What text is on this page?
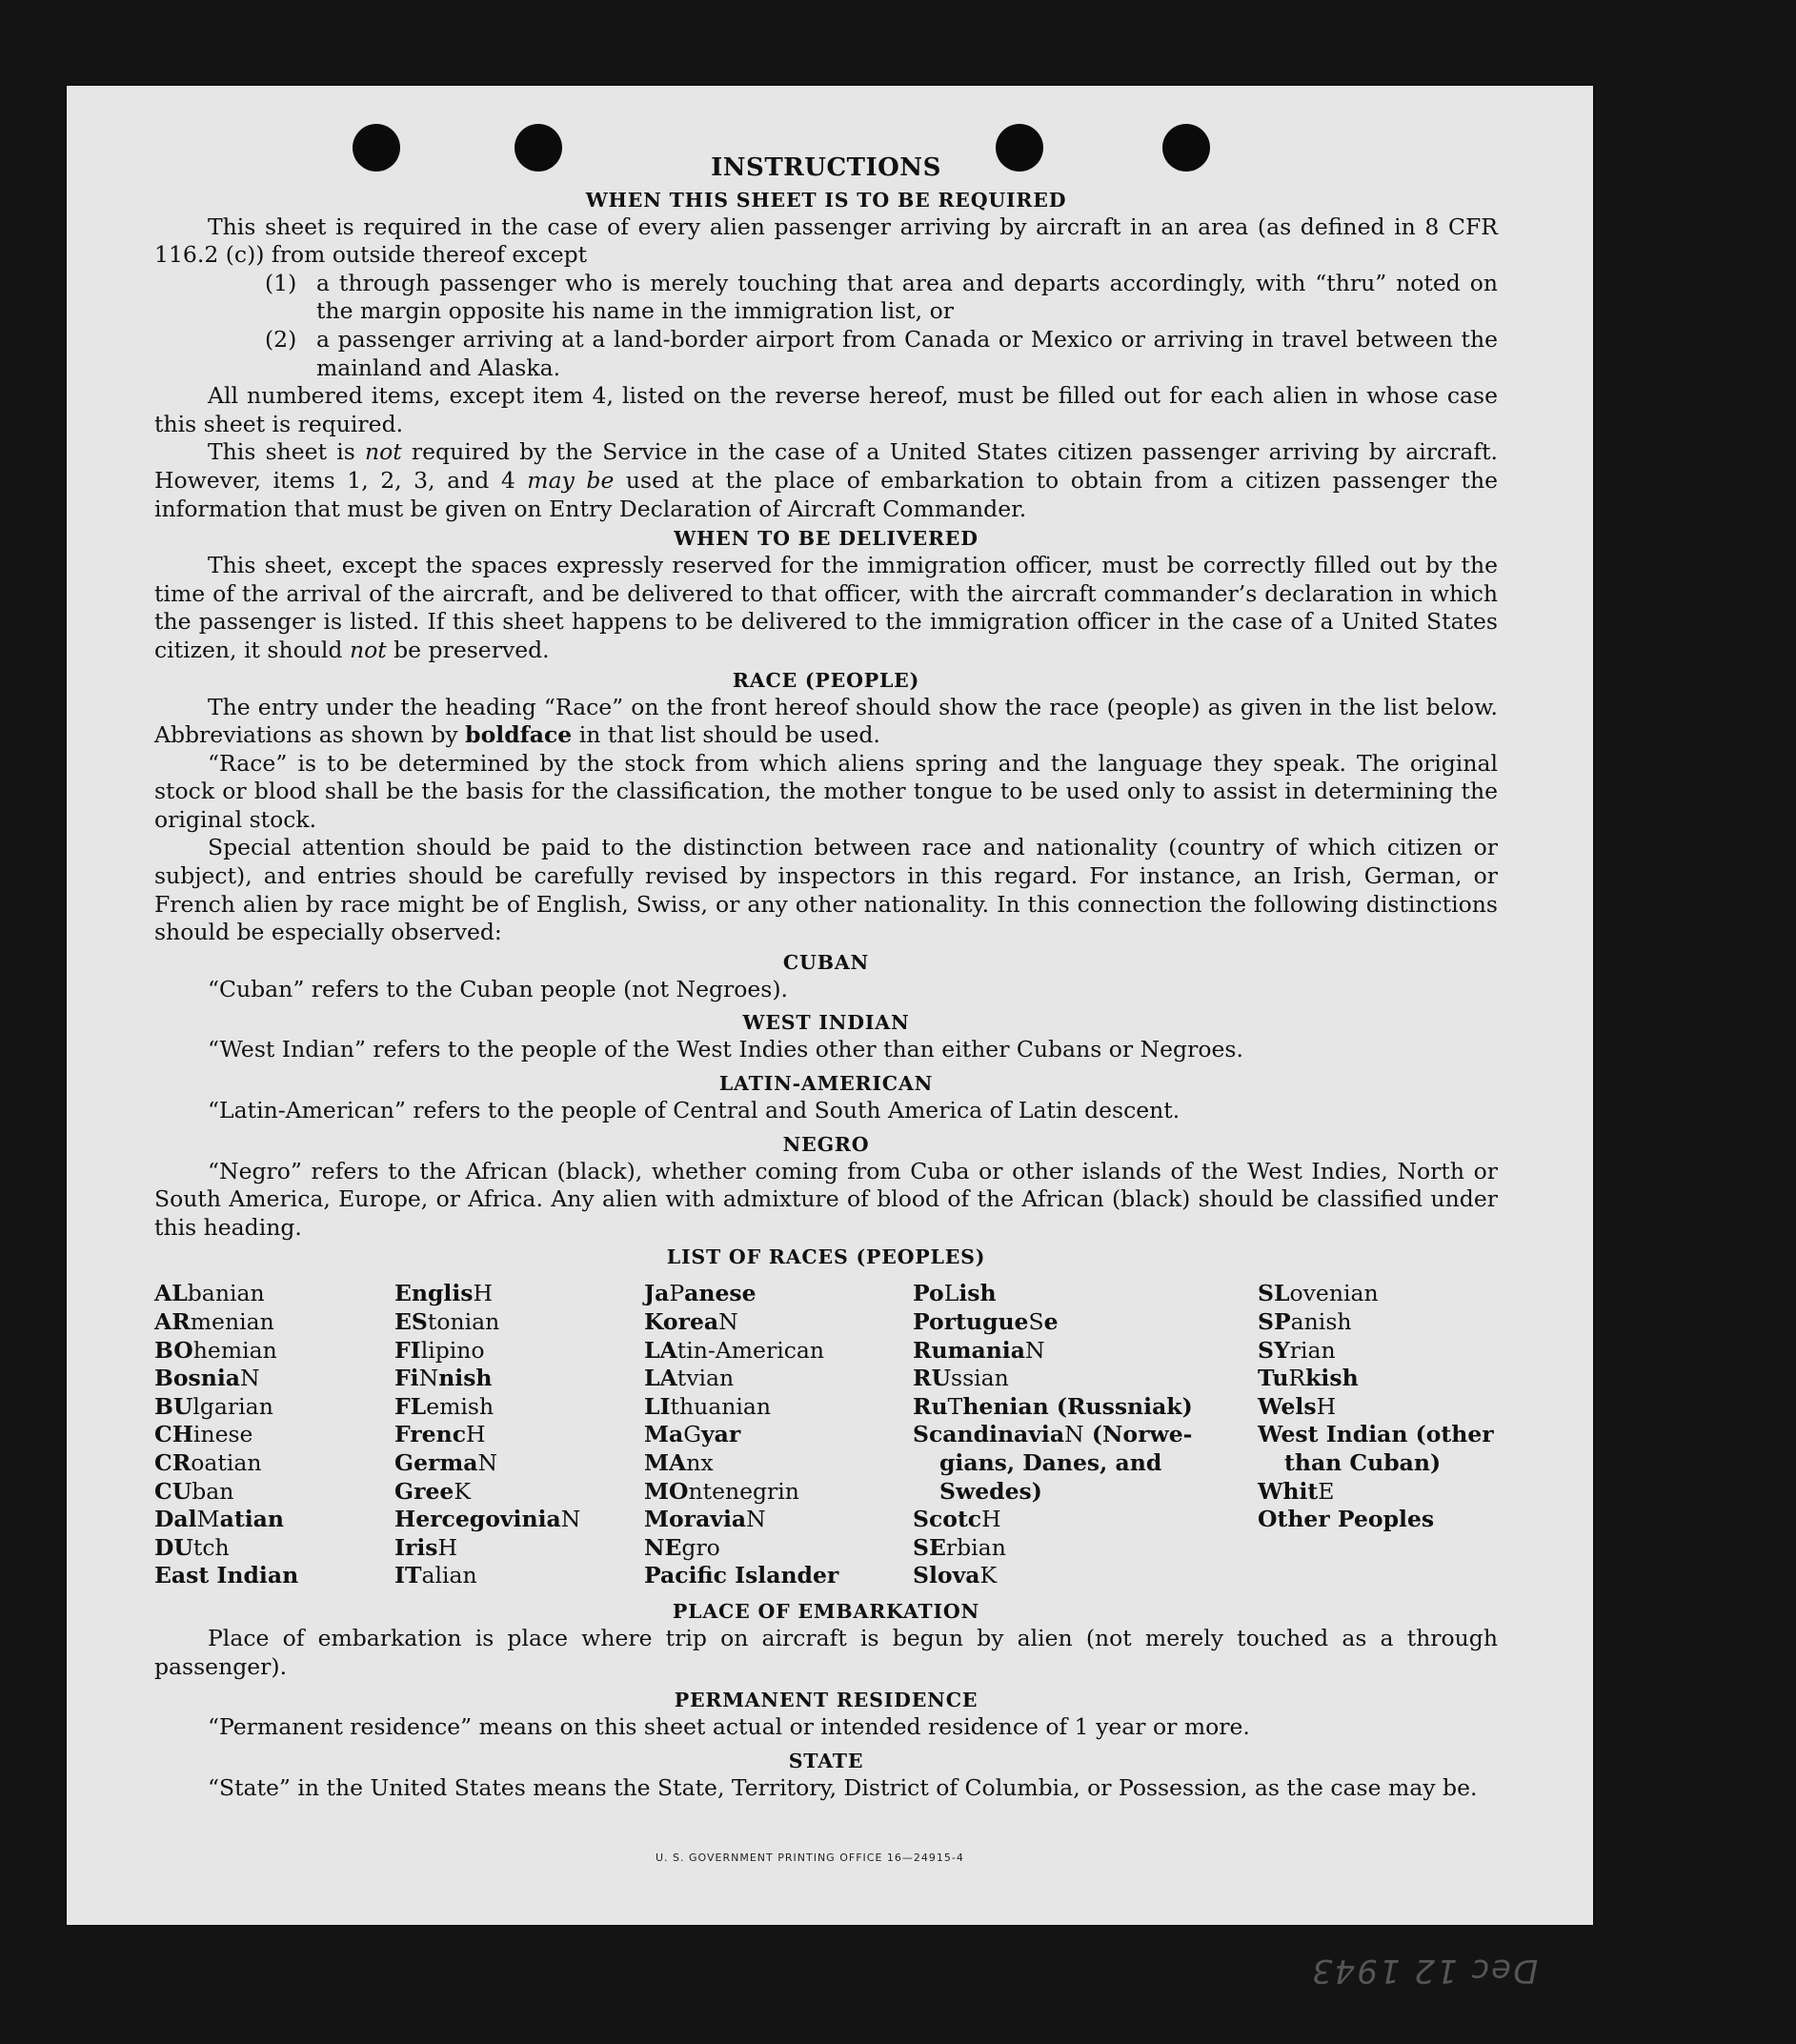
INSTRUCTIONS
WHEN THIS SHEET IS TO BE REQUIRED

This sheet is required in the case of every alien passenger arriving by aircraft in an area (as defined in 8 CFR 116.2 (c)) from outside thereof except

(1) a through passenger who is merely touching that area and departs accordingly, with “thru” noted on the margin opposite his name in the immigration list, or
(2) a passenger arriving at a land-border airport from Canada or Mexico or arriving in travel between the mainland and Alaska.

All numbered items, except item 4, listed on the reverse hereof, must be filled out for each alien in whose case this sheet is required.

This sheet is not required by the Service in the case of a United States citizen passenger arriving by aircraft. However, items 1, 2, 3, and 4 may be used at the place of embarkation to obtain from a citizen passenger the information that must be given on Entry Declaration of Aircraft Commander.

WHEN TO BE DELIVERED

This sheet, except the spaces expressly reserved for the immigration officer, must be correctly filled out by the time of the arrival of the aircraft, and be delivered to that officer, with the aircraft commander’s declaration in which the passenger is listed. If this sheet happens to be delivered to the immigration officer in the case of a United States citizen, it should not be preserved.

RACE (PEOPLE)

The entry under the heading “Race” on the front hereof should show the race (people) as given in the list below. Abbreviations as shown by boldface in that list should be used.

“Race” is to be determined by the stock from which aliens spring and the language they speak. The original stock or blood shall be the basis for the classification, the mother tongue to be used only to assist in determining the original stock.

Special attention should be paid to the distinction between race and nationality (country of which citizen or subject), and entries should be carefully revised by inspectors in this regard. For instance, an Irish, German, or French alien by race might be of English, Swiss, or any other nationality. In this connection the following distinctions should be especially observed:

CUBAN

“Cuban” refers to the Cuban people (not Negroes).

WEST INDIAN

“West Indian” refers to the people of the West Indies other than either Cubans or Negroes.

LATIN-AMERICAN

“Latin-American” refers to the people of Central and South America of Latin descent.

NEGRO

“Negro” refers to the African (black), whether coming from Cuba or other islands of the West Indies, North or South America, Europe, or Africa. Any alien with admixture of blood of the African (black) should be classified under this heading.

LIST OF RACES (PEOPLES)
ALbanian
ARmenian
BOhemian
BosniaN
BUlgarian
CHinese
CRoatian
CUban
DalMatian
DUtch
East Indian
EnglisH
EStonian
FIlipino
FiNnish
FLemish
FrencH
GermaN
GreeK
HercegoviniaN
IrisH
ITalian
JaPanese
KoreaN
LAtin-American
LAtvian
LIthuanian
MaGyar
MAnx
MOntenegrin
MoraviaN
NEgro
Pacific Islander
PoLish
PortugueSe
RumaniaN
RUssian
RuThenian (Russniak)
ScandinaviaN (Norwe-
gians, Danes, and
Swedes)
ScotcH
SErbian
SlovaK
SLovenian
SPanish
SYrian
TuRkish
WelsH
West Indian (other
than Cuban)
WhitE
Other Peoples
PLACE OF EMBARKATION

Place of embarkation is place where trip on aircraft is begun by alien (not merely touched as a through passenger).

PERMANENT RESIDENCE

“Permanent residence” means on this sheet actual or intended residence of 1 year or more.

STATE

“State” in the United States means the State, Territory, District of Columbia, or Possession, as the case may be.

U. S. GOVERNMENT PRINTING OFFICE 16—24915-4
Dec 12 1943
